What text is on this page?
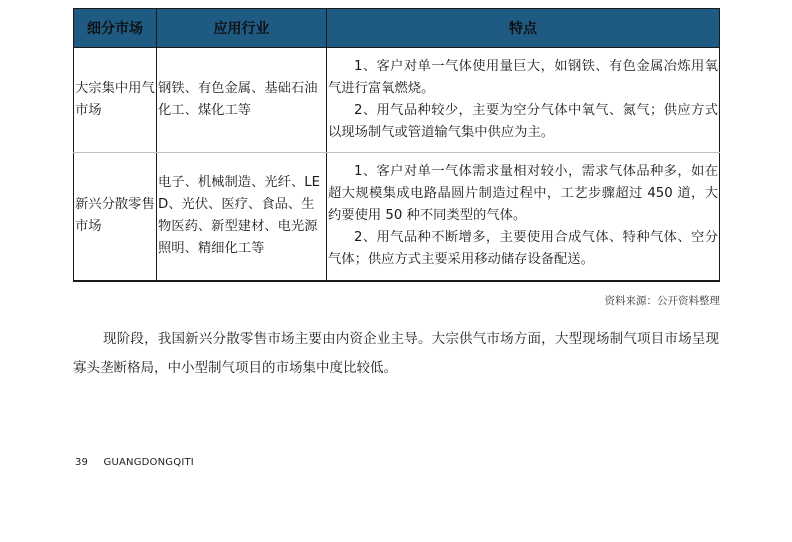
细分市场	应用行业	特点
大宗集中用气市场	钢铁、有色金属、基础石油化工、煤化工等	1、客户对单一气体使用量巨大，如钢铁、有色金属冶炼用氧气进行富氧燃烧。

2、用气品种较少，主要为空分气体中氧气、氮气；供应方式以现场制气或管道输气集中供应为主。

新兴分散零售市场	电子、机械制造、光纤、LED、光伏、医疗、食品、生物医药、新型建材、电光源照明、精细化工等	1、客户对单一气体需求量相对较小，需求气体品种多，如在超大规模集成电路晶圆片制造过程中，工艺步骤超过 450 道，大约要使用 50 种不同类型的气体。

2、用气品种不断增多，主要使用合成气体、特种气体、空分气体；供应方式主要采用移动储存设备配送。

资料来源：公开资料整理

现阶段，我国新兴分散零售市场主要由内资企业主导。大宗供气市场方面，大型现场制气项目市场呈现寡头垄断格局，中小型制气项目的市场集中度比较低。

39 GUANGDONGQITI
